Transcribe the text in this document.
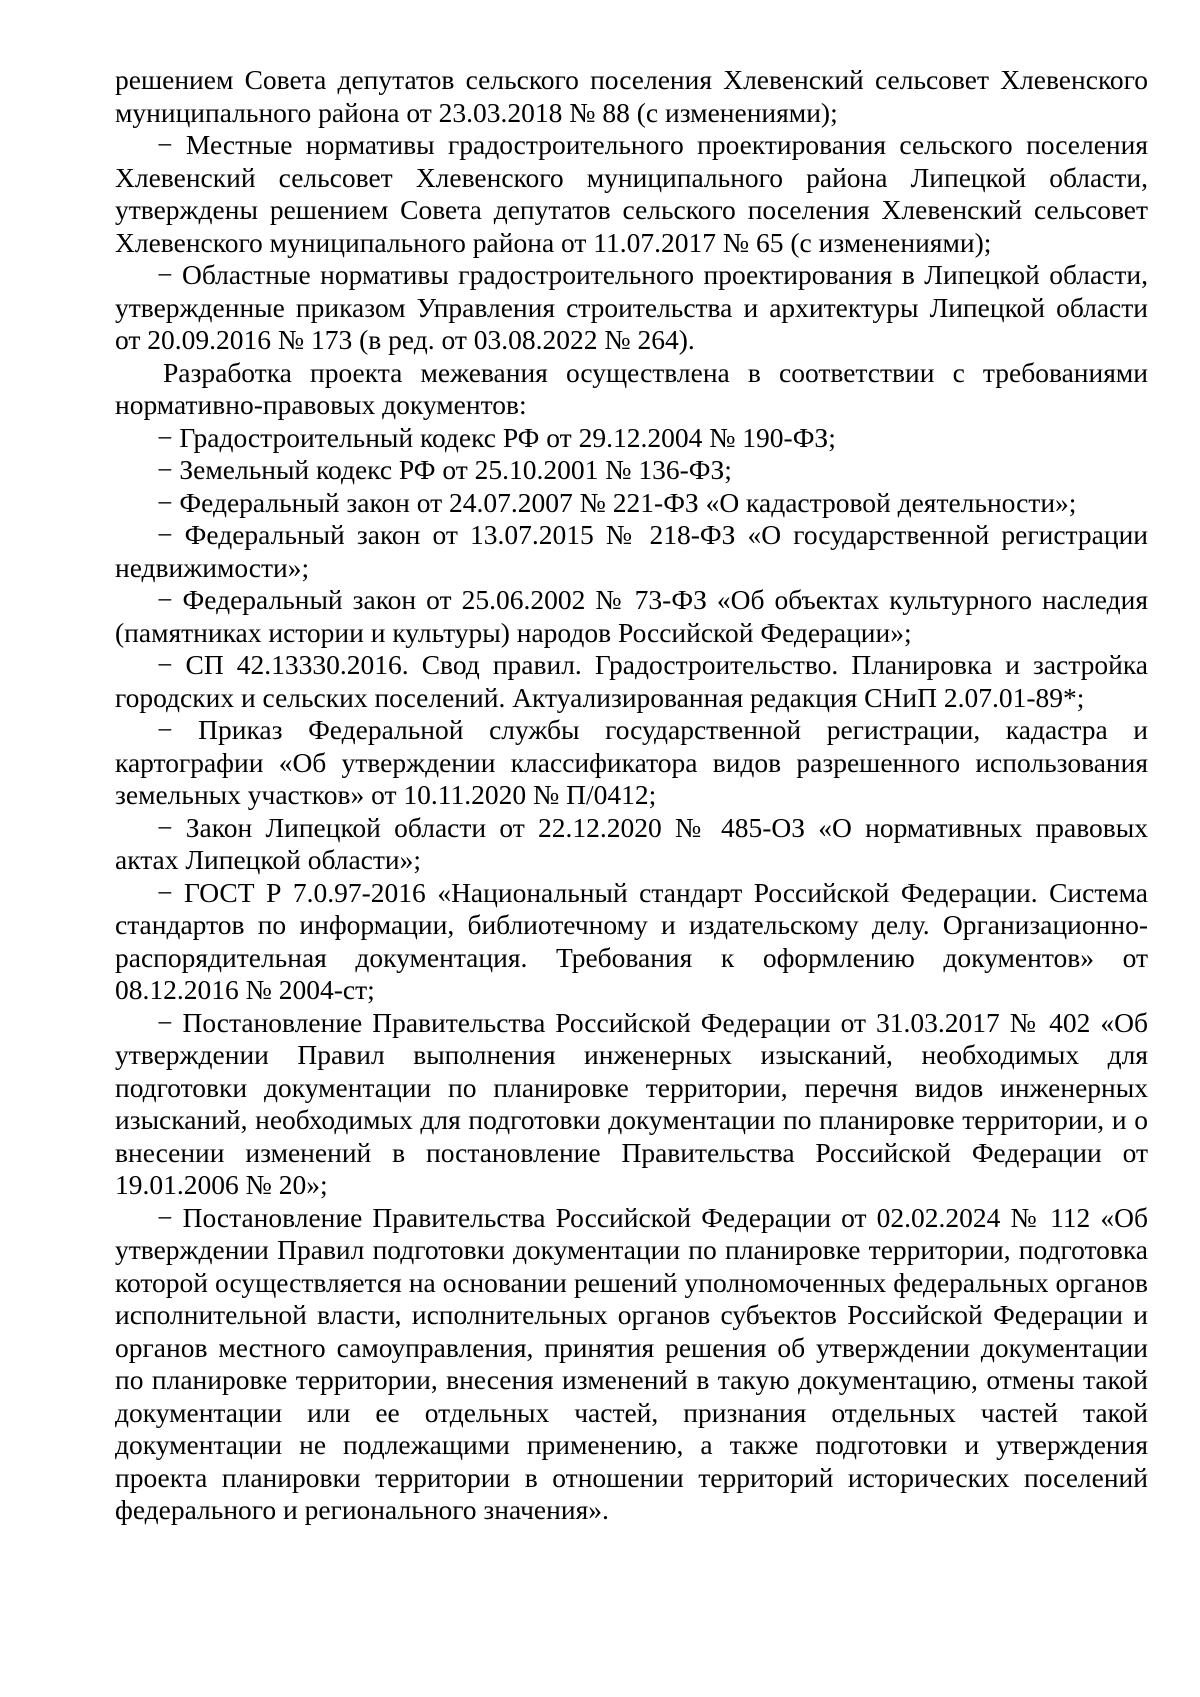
решением Совета депутатов сельского поселения Хлевенский сельсовет Хлевенского муниципального района от 23.03.2018 № 88 (с изменениями);

− Местные нормативы градостроительного проектирования сельского поселения Хлевенский сельсовет Хлевенского муниципального района Липецкой области, утверждены решением Совета депутатов сельского поселения Хлевенский сельсовет Хлевенского муниципального района от 11.07.2017 № 65 (с изменениями);

− Областные нормативы градостроительного проектирования в Липецкой области, утвержденные приказом Управления строительства и архитектуры Липецкой области от 20.09.2016 № 173 (в ред. от 03.08.2022 № 264).

Разработка проекта межевания осуществлена в соответствии с требованиями нормативно-правовых документов:

− Градостроительный кодекс РФ от 29.12.2004 № 190-ФЗ;

− Земельный кодекс РФ от 25.10.2001 № 136-ФЗ;

− Федеральный закон от 24.07.2007 № 221-ФЗ «О кадастровой деятельности»;

− Федеральный закон от 13.07.2015 № 218-ФЗ «О государственной регистрации недвижимости»;

− Федеральный закон от 25.06.2002 № 73-ФЗ «Об объектах культурного наследия (памятниках истории и культуры) народов Российской Федерации»;

− СП 42.13330.2016. Свод правил. Градостроительство. Планировка и застройка городских и сельских поселений. Актуализированная редакция СНиП 2.07.01-89*;

− Приказ Федеральной службы государственной регистрации, кадастра и картографии «Об утверждении классификатора видов разрешенного использования земельных участков» от 10.11.2020 № П/0412;

− Закон Липецкой области от 22.12.2020 № 485-ОЗ «О нормативных правовых актах Липецкой области»;

− ГОСТ Р 7.0.97-2016 «Национальный стандарт Российской Федерации. Система стандартов по информации, библиотечному и издательскому делу. Организационно-распорядительная документация. Требования к оформлению документов» от 08.12.2016 № 2004-ст;

− Постановление Правительства Российской Федерации от 31.03.2017 № 402 «Об утверждении Правил выполнения инженерных изысканий, необходимых для подготовки документации по планировке территории, перечня видов инженерных изысканий, необходимых для подготовки документации по планировке территории, и о внесении изменений в постановление Правительства Российской Федерации от 19.01.2006 № 20»;

− Постановление Правительства Российской Федерации от 02.02.2024 № 112 «Об утверждении Правил подготовки документации по планировке территории, подготовка которой осуществляется на основании решений уполномоченных федеральных органов исполнительной власти, исполнительных органов субъектов Российской Федерации и органов местного самоуправления, принятия решения об утверждении документации по планировке территории, внесения изменений в такую документацию, отмены такой документации или ее отдельных частей, признания отдельных частей такой документации не подлежащими применению, а также подготовки и утверждения проекта планировки территории в отношении территорий исторических поселений федерального и регионального значения».
